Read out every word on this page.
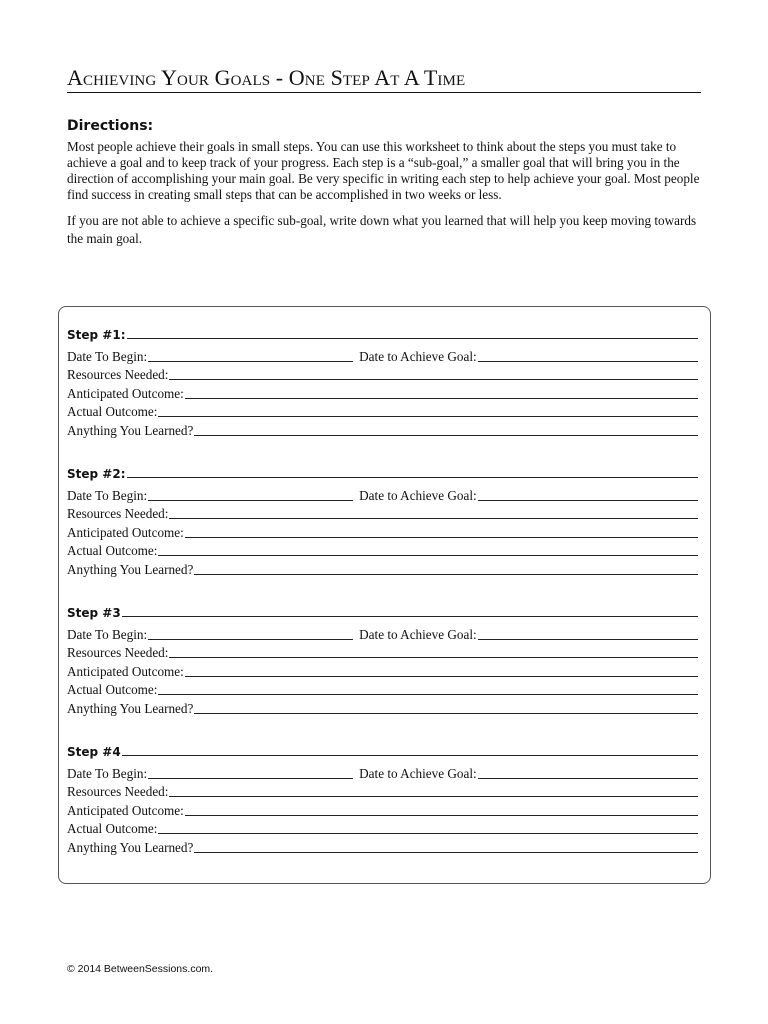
Achieving Your Goals - One Step At A Time
Directions:

Most people achieve their goals in small steps. You can use this worksheet to think about the steps you must take to achieve a goal and to keep track of your progress. Each step is a “sub-goal,” a smaller goal that will bring you in the direction of accomplishing your main goal. Be very specific in writing each step to help achieve your goal. Most people find success in creating small steps that can be accomplished in two weeks or less.

If you are not able to achieve a specific sub-goal, write down what you learned that will help you keep moving towards the main goal.

Step #1:
Date To Begin:	Date to Achieve Goal:
Resources Needed:
Anticipated Outcome:
Actual Outcome:
Anything You Learned?
Step #2:
Date To Begin:	Date to Achieve Goal:
Resources Needed:
Anticipated Outcome:
Actual Outcome:
Anything You Learned?
Step #3
Date To Begin:	Date to Achieve Goal:
Resources Needed:
Anticipated Outcome:
Actual Outcome:
Anything You Learned?
Step #4
Date To Begin:	Date to Achieve Goal:
Resources Needed:
Anticipated Outcome:
Actual Outcome:
Anything You Learned?
© 2014 BetweenSessions.com.
